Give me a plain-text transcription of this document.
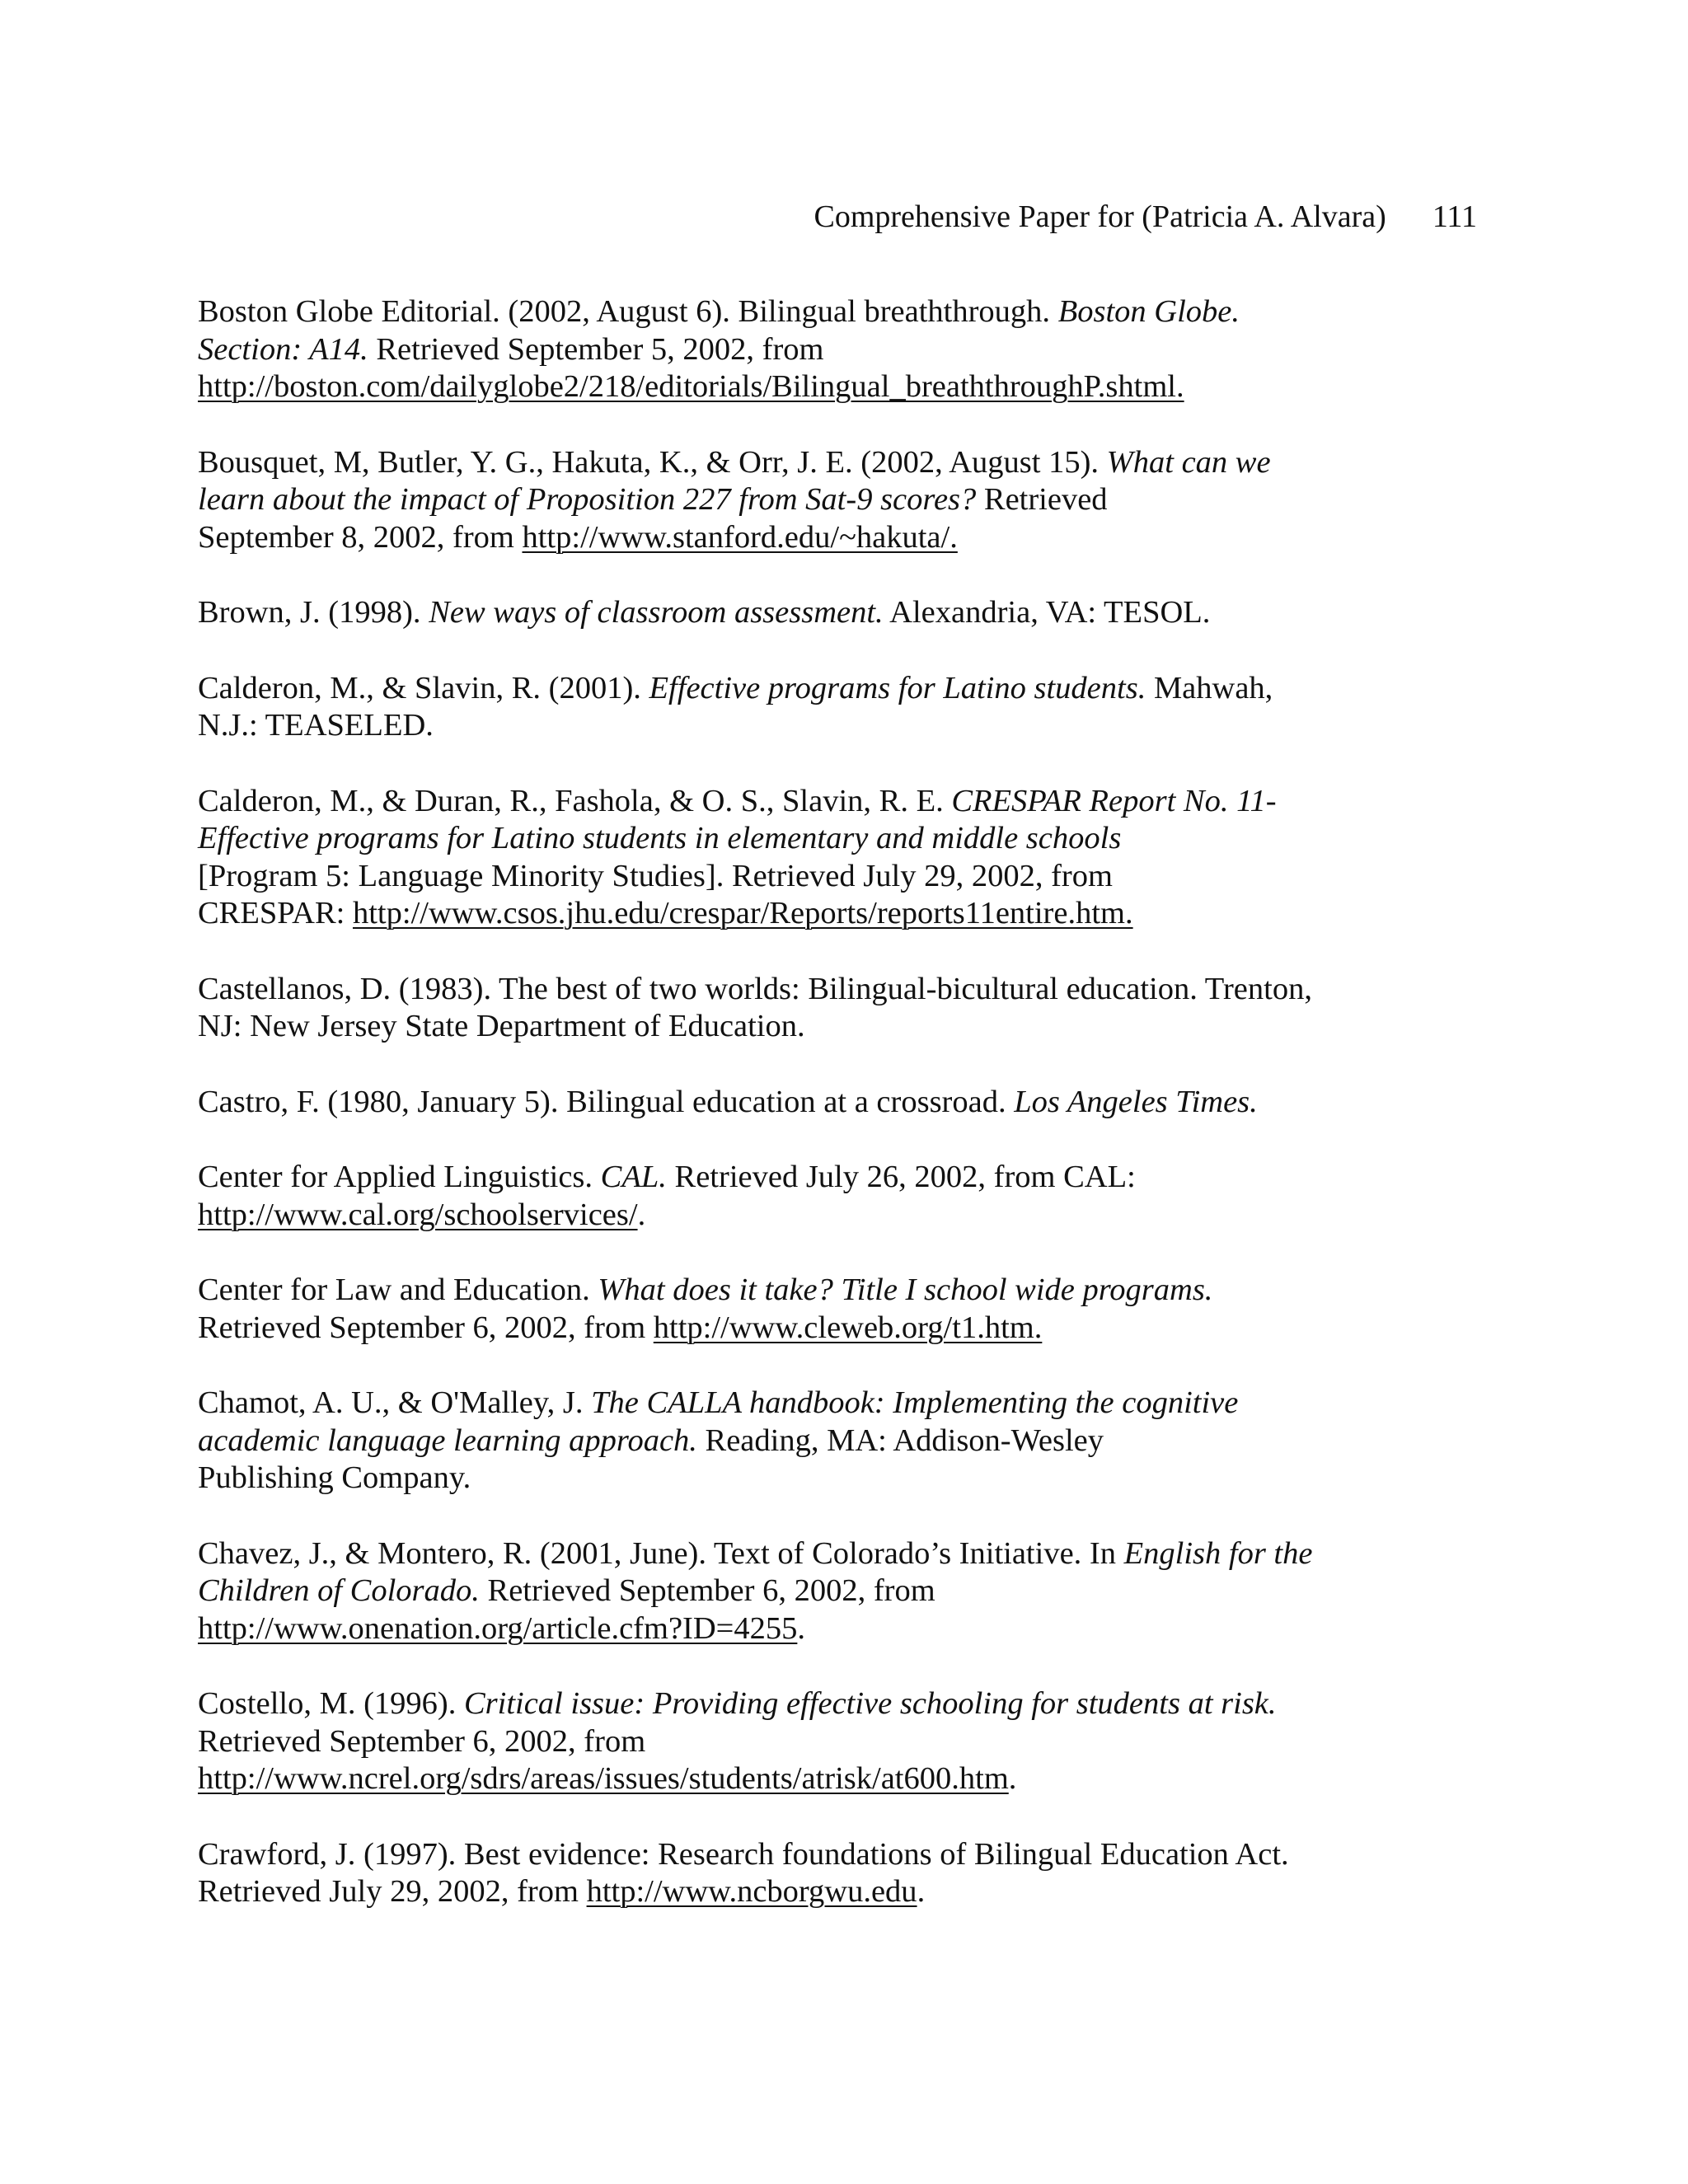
Comprehensive Paper for (Patricia A. Alvara) 111
Boston Globe Editorial. (2002, August 6). Bilingual breaththrough. Boston Globe.
Section: A14. Retrieved September 5, 2002, from
http://boston.com/dailyglobe2/218/editorials/Bilingual_breaththroughP.shtml.
Bousquet, M, Butler, Y. G., Hakuta, K., & Orr, J. E. (2002, August 15). What can we
learn about the impact of Proposition 227 from Sat-9 scores? Retrieved
September 8, 2002, from http://www.stanford.edu/~hakuta/.
Brown, J. (1998). New ways of classroom assessment. Alexandria, VA: TESOL.
Calderon, M., & Slavin, R. (2001). Effective programs for Latino students. Mahwah,
N.J.: TEASELED.
Calderon, M., & Duran, R., Fashola, & O. S., Slavin, R. E. CRESPAR Report No. 11-
Effective programs for Latino students in elementary and middle schools
[Program 5: Language Minority Studies]. Retrieved July 29, 2002, from
CRESPAR: http://www.csos.jhu.edu/crespar/Reports/reports11entire.htm.
Castellanos, D. (1983). The best of two worlds: Bilingual-bicultural education. Trenton,
NJ: New Jersey State Department of Education.
Castro, F. (1980, January 5). Bilingual education at a crossroad. Los Angeles Times.
Center for Applied Linguistics. CAL. Retrieved July 26, 2002, from CAL:
http://www.cal.org/schoolservices/.
Center for Law and Education. What does it take? Title I school wide programs.
Retrieved September 6, 2002, from http://www.cleweb.org/t1.htm.
Chamot, A. U., & O'Malley, J. The CALLA handbook: Implementing the cognitive
academic language learning approach. Reading, MA: Addison-Wesley
Publishing Company.
Chavez, J., & Montero, R. (2001, June). Text of Colorado’s Initiative. In English for the
Children of Colorado. Retrieved September 6, 2002, from
http://www.onenation.org/article.cfm?ID=4255.
Costello, M. (1996). Critical issue: Providing effective schooling for students at risk.
Retrieved September 6, 2002, from
http://www.ncrel.org/sdrs/areas/issues/students/atrisk/at600.htm.
Crawford, J. (1997). Best evidence: Research foundations of Bilingual Education Act.
Retrieved July 29, 2002, from http://www.ncborgwu.edu.
